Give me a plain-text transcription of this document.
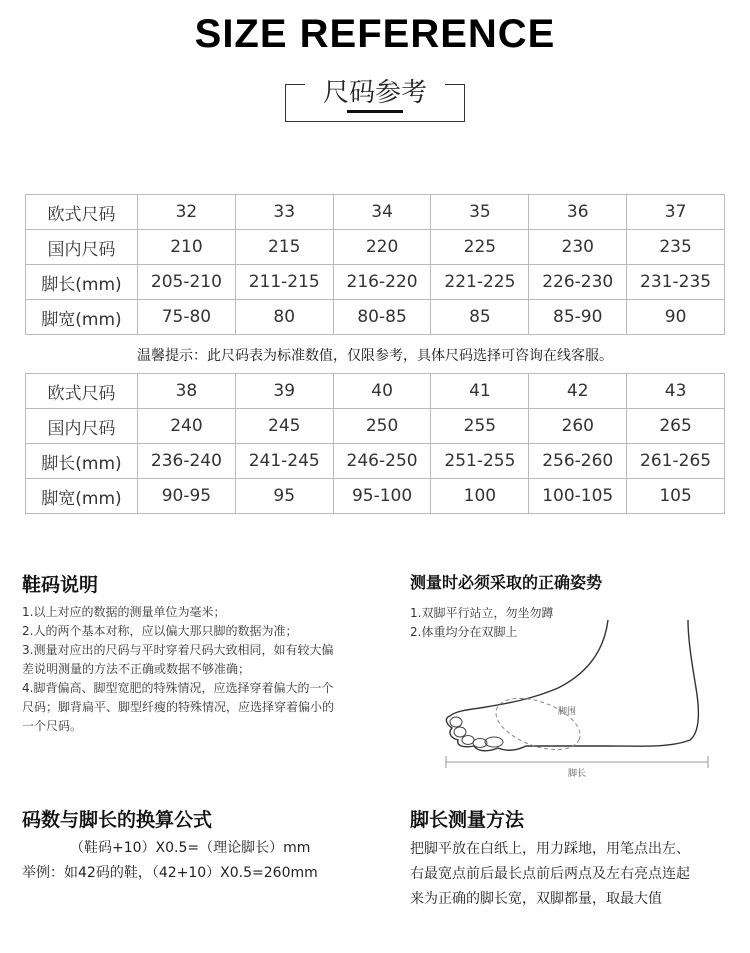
SIZE REFERENCE
尺码参考
欧式尺码	32	33	34	35	36	37
国内尺码	210	215	220	225	230	235
脚长(mm)	205-210	211-215	216-220	221-225	226-230	231-235
脚宽(mm)	75-80	80	80-85	85	85-90	90
温馨提示：此尺码表为标准数值，仅限参考，具体尺码选择可咨询在线客服。
欧式尺码	38	39	40	41	42	43
国内尺码	240	245	250	255	260	265
脚长(mm)	236-240	241-245	246-250	251-255	256-260	261-265
脚宽(mm)	90-95	95	95-100	100	100-105	105
鞋码说明
1.以上对应的数据的测量单位为毫米；
2.人的两个基本对称，应以偏大那只脚的数据为准；
3.测量对应出的尺码与平时穿着尺码大致相同，如有较大偏
差说明测量的方法不正确或数据不够准确；
4.脚背偏高、脚型宽肥的特殊情况，应选择穿着偏大的一个
尺码；脚背扁平、脚型纤瘦的特殊情况，应选择穿着偏小的
一个尺码。
测量时必须采取的正确姿势
1.双脚平行站立，勿坐勿蹲
2.体重均分在双脚上
脚围
脚长
码数与脚长的换算公式
（鞋码+10）X0.5=（理论脚长）mm
举例：如42码的鞋，（42+10）X0.5=260mm
脚长测量方法
把脚平放在白纸上，用力踩地，用笔点出左、
右最宽点前后最长点前后两点及左右亮点连起
来为正确的脚长宽，双脚都量，取最大值
